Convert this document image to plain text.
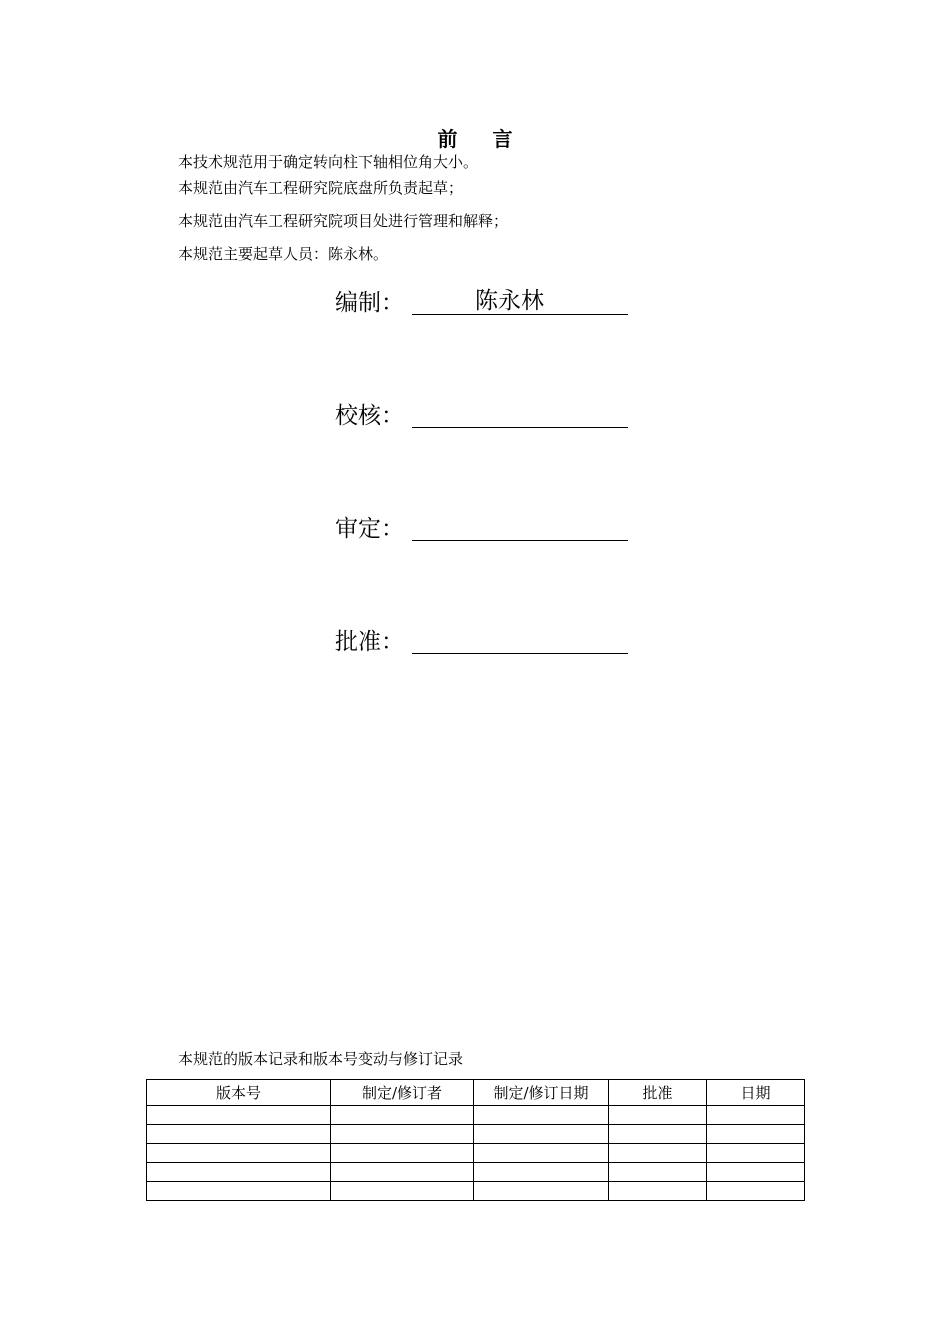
前 言
本技术规范用于确定转向柱下轴相位角大小。
本规范由汽车工程研究院底盘所负责起草；
本规范由汽车工程研究院项目处进行管理和解释；
本规范主要起草人员：陈永林。
编制：	陈永林
校核：
审定：
批准：
本规范的版本记录和版本号变动与修订记录
版本号	制定/修订者	制定/修订日期	批准	日期
